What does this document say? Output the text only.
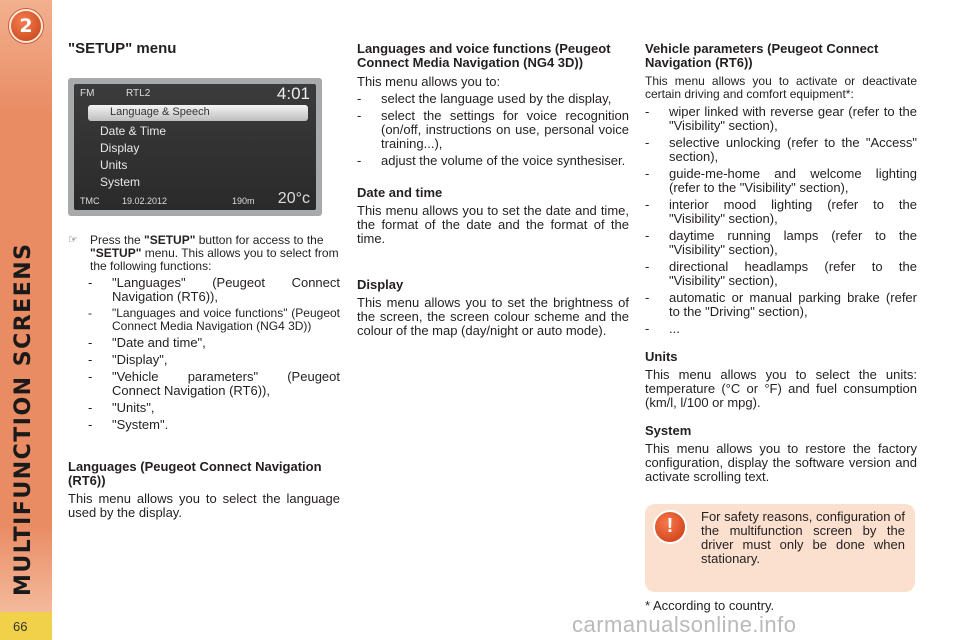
2
MULTIFUNCTION SCREENS
66
"SETUP" menu
FM	RTL2	4:01
Language & Speech
Date & Time
Display
Units
System
TMC	19.02.2012	190m 20°c
☞ Press the "SETUP" button for access to the "SETUP" menu. This allows you to select from the following functions:
- "Languages" (Peugeot Connect Navigation (RT6)),
- "Languages and voice functions" (Peugeot Connect Media Navigation (NG4 3D))
- "Date and time",
- "Display",
- "Vehicle parameters" (Peugeot Connect Navigation (RT6)),
- "Units",
- "System".
Languages (Peugeot Connect Navigation (RT6))

This menu allows you to select the language used by the display.

Languages and voice functions (Peugeot Connect Media Navigation (NG4 3D))

This menu allows you to:

- select the language used by the display,
- select the settings for voice recognition (on/off, instructions on use, personal voice training...),
- adjust the volume of the voice synthesiser.
Date and time

This menu allows you to set the date and time, the format of the date and the format of the time.

Display

This menu allows you to set the brightness of the screen, the screen colour scheme and the colour of the map (day/night or auto mode).

Vehicle parameters (Peugeot Connect Navigation (RT6))

This menu allows you to activate or deactivate certain driving and comfort equipment*:

- wiper linked with reverse gear (refer to the "Visibility" section),
- selective unlocking (refer to the "Access" section),
- guide-me-home and welcome lighting (refer to the "Visibility" section),
- interior mood lighting (refer to the "Visibility" section),
- daytime running lamps (refer to the "Visibility" section),
- directional headlamps (refer to the "Visibility" section),
- automatic or manual parking brake (refer to the "Driving" section),
- ...
Units

This menu allows you to select the units: temperature (°C or °F) and fuel consumption (km/l, l/100 or mpg).

System

This menu allows you to restore the factory configuration, display the software version and activate scrolling text.

!	For safety reasons, configuration of the multifunction screen by the driver must only be done when stationary.

* According to country.
carmanualsonline.info
